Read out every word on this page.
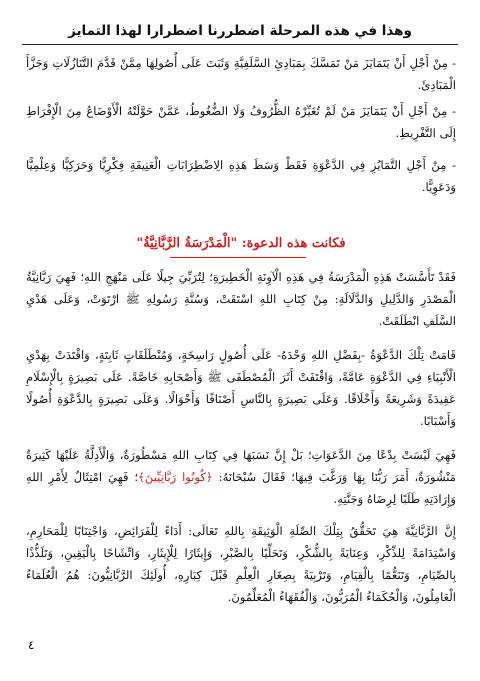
وهذا في هذه المرحلة اضطررنا اضطرارا لهذا التمايز

- مِنْ أَجْلِ أَنْ يَتَمَايَزَ مَنْ تَمَسَّكَ بِمَبَادِئِ السَّلَفِيَّةِ وَثَبَتَ عَلَى أُصُولِهَا مِمَّنْ قَدَّمَ التَّنَازُلَاتِ وَجَزَّأَ الْمَبَادِئَ.

- مِنْ أَجْلِ أَنْ يَتَمَايَزَ مَنْ لَمْ تُغَيِّرْهُ الظُّرُوفُ وَلَا الضُّغُوطُ، عَمَّنْ حَوَّلَتْهُ الْأَوْضَاعُ مِنَ الْإِفْرَاطِ إِلَى التَّفْرِيطِ.

- مِنْ أَجْلِ التَّمَايُزِ فِي الدَّعْوَةِ فَقَطْ وَسَطَ هَذِهِ الِاضْطِرَابَاتِ الْعَنِيفَةِ فِكْرِيًّا وَحَرَكِيًّا وَعِلْمِيًّا وَدَعَوِيًّا.

فكانت هذه الدعوة: "الْمَدْرَسَةُ الرَّبَّانِيَّةُ"

فَقَدْ تَأَسَّسَتْ هَذِهِ الْمَدْرَسَةُ فِي هَذِهِ الْآوِنَةِ الْخَطِيرَةِ؛ لِتُرَبِّيَ جِيلًا عَلَى مَنْهَجِ اللهِ؛ فَهِيَ رَبَّانِيَّةُ الْمَصْدَرِ وَالدَّلِيلِ وَالدَّلَالَةِ: مِنْ كِتَابِ اللهِ اسْتَقَتْ، وَسُنَّةِ رَسُولِهِ ﷺ ارْتَوَتْ، وَعَلَى هَدْيِ السَّلَفِ انْطَلَقَتْ.

قَامَتْ تِلْكَ الدَّعْوَةُ -بِفَضْلِ اللهِ وَحْدَهُ- عَلَى أُصُولٍ رَاسِخَةٍ، وَمُنْطَلَقَاتٍ ثَابِتَةٍ، وَاقْتَدَتْ بِهَدْيِ الْأَنْبِيَاءِ فِي الدَّعْوَةِ عَامَّةً، وَاقْتَفَتْ أَثَرَ الْمُصْطَفَى ﷺ وَأَصْحَابِهِ خَاصَّةً. عَلَى بَصِيرَةٍ بِالْإِسْلَامِ عَقِيدَةً وَشَرِيعَةً وَأَخْلَاقًا. وَعَلَى بَصِيرَةٍ بِالنَّاسِ أَصْنَافًا وَأَحْوَالًا. وَعَلَى بَصِيرَةٍ بِالدَّعْوَةِ أُصُولًا وَأَسْبَابًا.

فَهِيَ لَيْسَتْ بِدْعًا مِنَ الدَّعَوَاتِ؛ بَلْ إِنَّ نَسَبَهَا فِي كِتَابِ اللهِ مَسْطُورَةٌ، وَالْأَدِلَّةُ عَلَيْهَا كَثِيرَةٌ مَنْشُورَةٌ، أَمَرَ رَبُّنَا بِهَا وَرَغَّبَ فِيهَا؛ فَقَالَ سُبْحَانَهُ: ﴿كُونُوا رَبَّانِيِّينَ﴾؛ فَهِيَ امْتِثَالٌ لِأَمْرِ اللهِ وَإِرَادَتِهِ طَلَبًا لِرِضَاهُ وَجَنَّتِهِ.

إِنَّ الرَّبَّانِيَّةَ هِيَ تَحَقُّقُ بِتِلْكَ الصِّلَةِ الْوَثِيقَةِ بِاللهِ تَعَالَى: أَدَاءً لِلْفَرَائِضِ، وَاجْتِنَابًا لِلْمَحَارِمِ، وَاسْتِدَامَةً لِلذِّكْرِ، وَعِنَايَةً بِالشُّكْرِ، وَتَحَلِّيًا بِالصَّبْرِ، وَإِيثَارًا لِلْإِيثَارِ، وَاتِّشَاحًا بِالْيَقِينِ، وَتَلَذُّذًا بِالصِّيَامِ، وَتَنَعُّمًا بِالْقِيَامِ، وَتَرْبِيَةً بِصِغَارِ الْعِلْمِ قَبْلَ كِبَارِهِ، أُولَئِكَ الرَّبَّانِيُّونَ: هُمُ الْعُلَمَاءُ الْعَامِلُونَ، وَالْحُكَمَاءُ الْمُرَبُّونَ، وَالْفُقَهَاءُ الْمُعَلِّمُونَ.

٤
